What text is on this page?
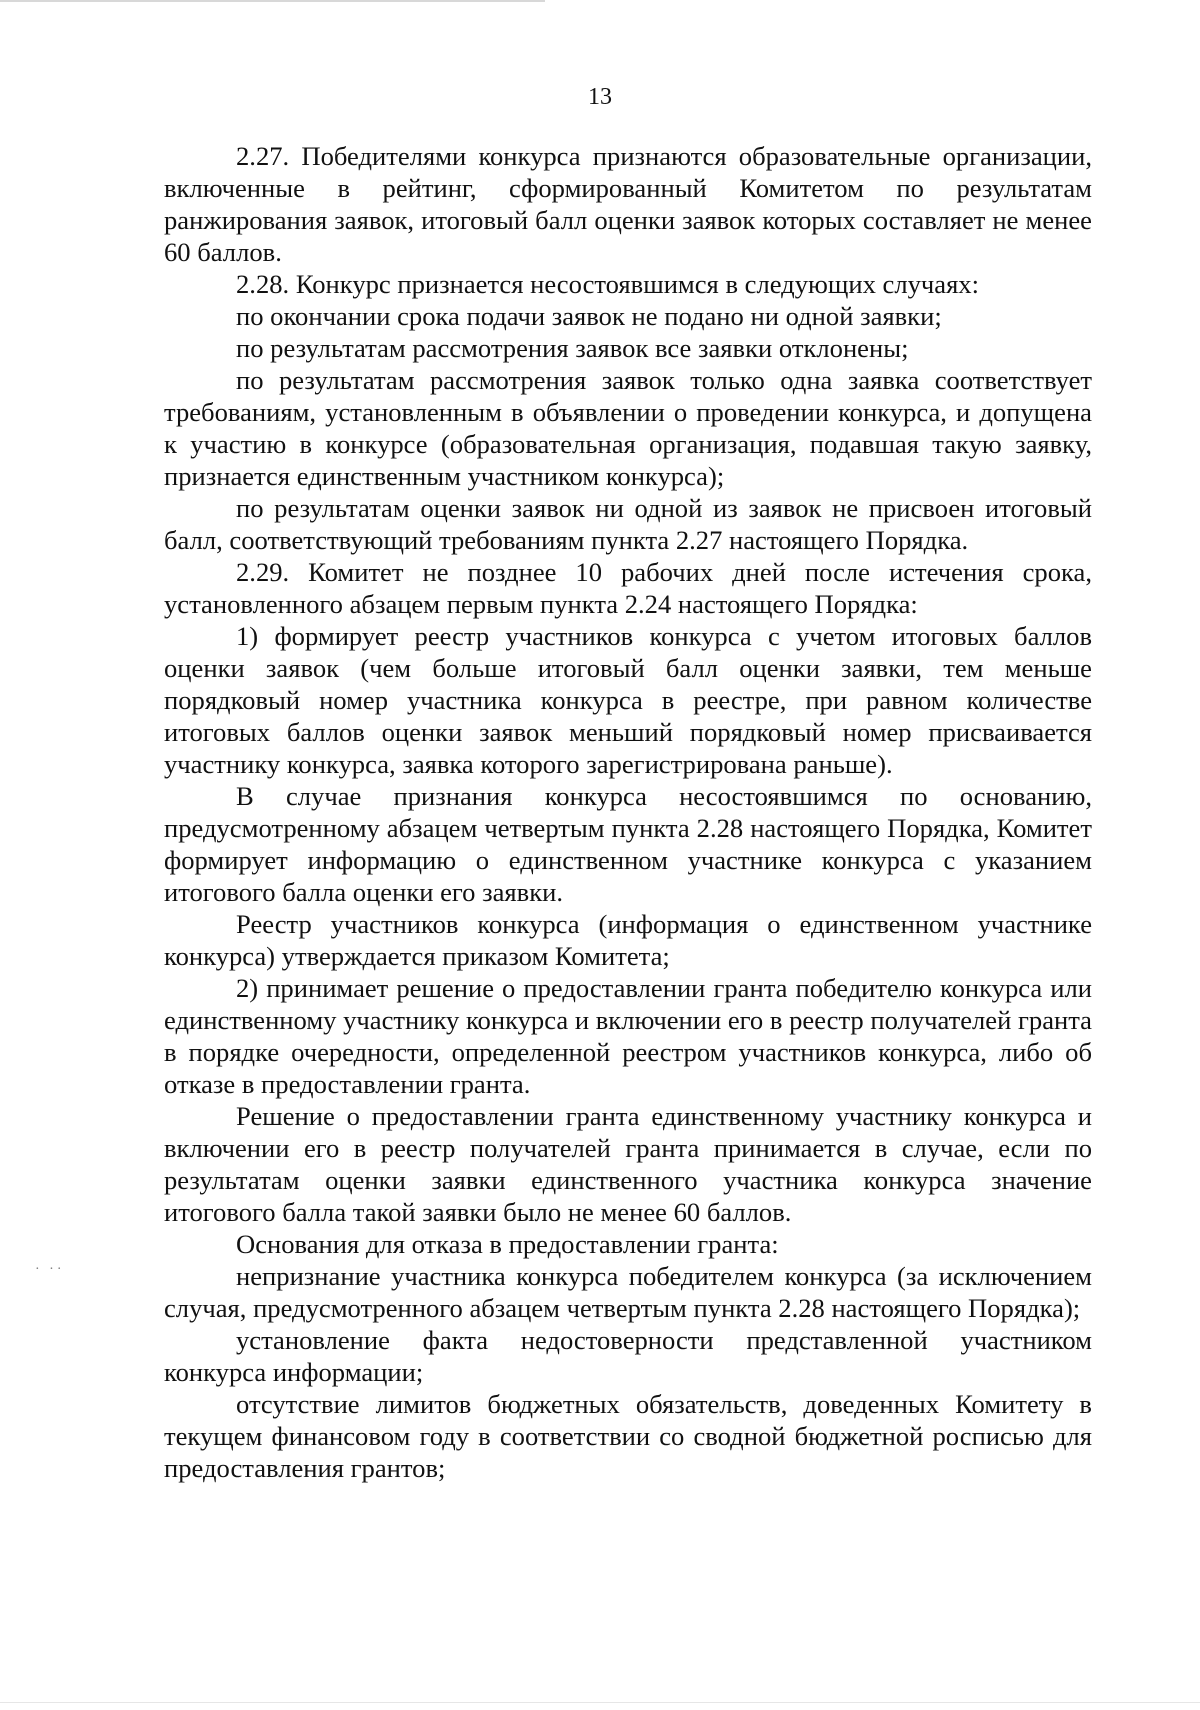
13

2.27. Победителями конкурса признаются образовательные организации, включенные в рейтинг, сформированный Комитетом по результатам ранжирования заявок, итоговый балл оценки заявок которых составляет не менее 60 баллов.

2.28. Конкурс признается несостоявшимся в следующих случаях:

по окончании срока подачи заявок не подано ни одной заявки;

по результатам рассмотрения заявок все заявки отклонены;

по результатам рассмотрения заявок только одна заявка соответствует требованиям, установленным в объявлении о проведении конкурса, и допущена к участию в конкурсе (образовательная организация, подавшая такую заявку, признается единственным участником конкурса);

по результатам оценки заявок ни одной из заявок не присвоен итоговый балл, соответствующий требованиям пункта 2.27 настоящего Порядка.

2.29. Комитет не позднее 10 рабочих дней после истечения срока, установленного абзацем первым пункта 2.24 настоящего Порядка:

1) формирует реестр участников конкурса с учетом итоговых баллов оценки заявок (чем больше итоговый балл оценки заявки, тем меньше порядковый номер участника конкурса в реестре, при равном количестве итоговых баллов оценки заявок меньший порядковый номер присваивается участнику конкурса, заявка которого зарегистрирована раньше).

В случае признания конкурса несостоявшимся по основанию, предусмотренному абзацем четвертым пункта 2.28 настоящего Порядка, Комитет формирует информацию о единственном участнике конкурса с указанием итогового балла оценки его заявки.

Реестр участников конкурса (информация о единственном участнике конкурса) утверждается приказом Комитета;

2) принимает решение о предоставлении гранта победителю конкурса или единственному участнику конкурса и включении его в реестр получателей гранта в порядке очередности, определенной реестром участников конкурса, либо об отказе в предоставлении гранта.

Решение о предоставлении гранта единственному участнику конкурса и включении его в реестр получателей гранта принимается в случае, если по результатам оценки заявки единственного участника конкурса значение итогового балла такой заявки было не менее 60 баллов.

Основания для отказа в предоставлении гранта:

непризнание участника конкурса победителем конкурса (за исключением случая, предусмотренного абзацем четвертым пункта 2.28 настоящего Порядка);

установление факта недостоверности представленной участником конкурса информации;

отсутствие лимитов бюджетных обязательств, доведенных Комитету в текущем финансовом году в соответствии со сводной бюджетной росписью для предоставления грантов;

· ··
